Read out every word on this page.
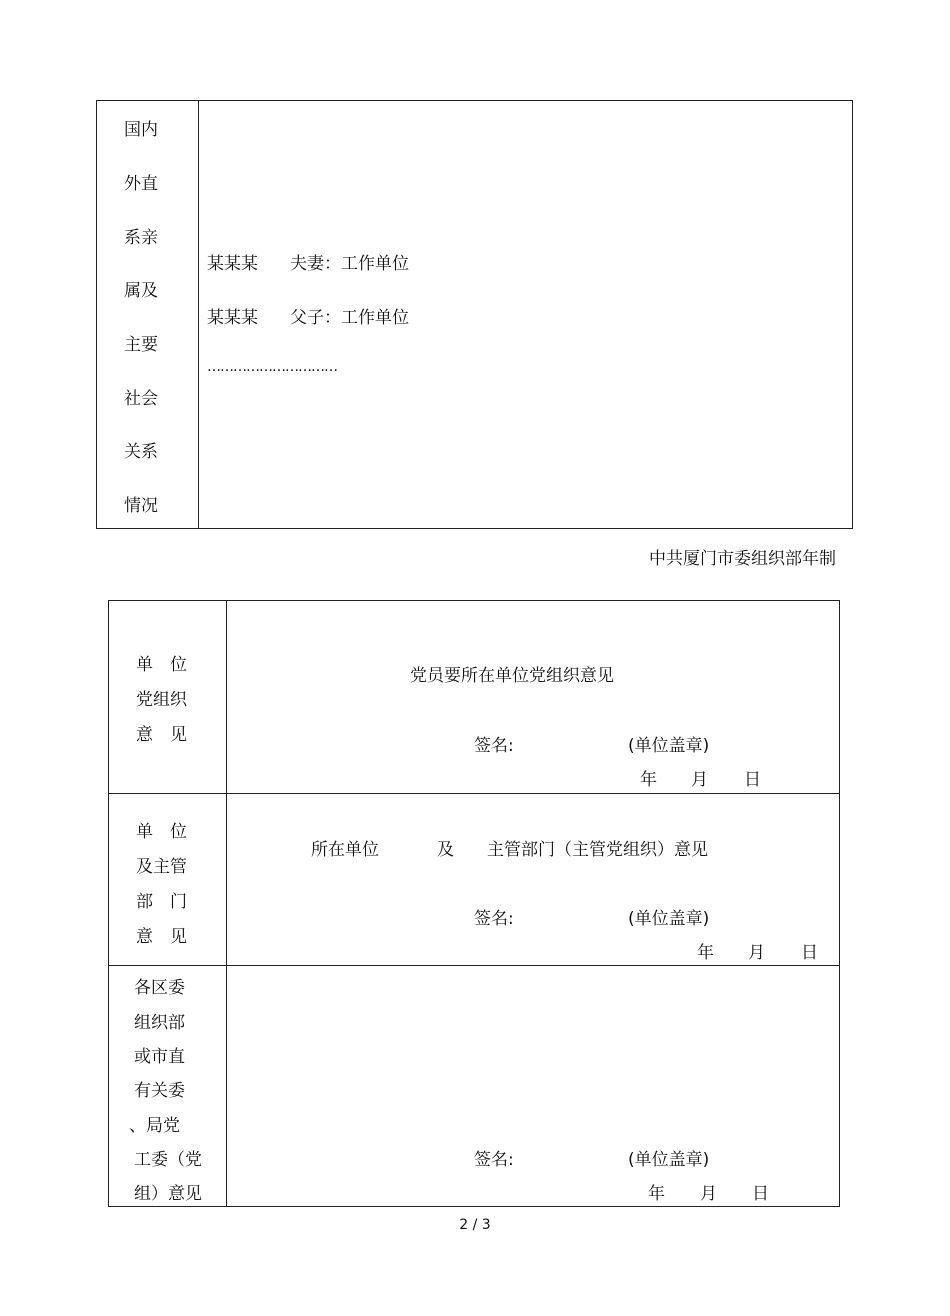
国内
外直
系亲
属及
主要
社会
关系
情况
某某某 夫妻：工作单位
某某某 父子：工作单位
…………………………
中共厦门市委组织部年制
单　位
党组织
意　见
党员要所在单位党组织意见
签名:	(单位盖章)
年 月 日
单　位
及主管
部　门
意　见
所在单位	及 主管部门（主管党组织）意见
签名:	(单位盖章)
年 月 日
各区委
组织部
或市直
有关委
、局党
工委（党
组）意见
签名:	(单位盖章)
年 月 日
2 / 3
